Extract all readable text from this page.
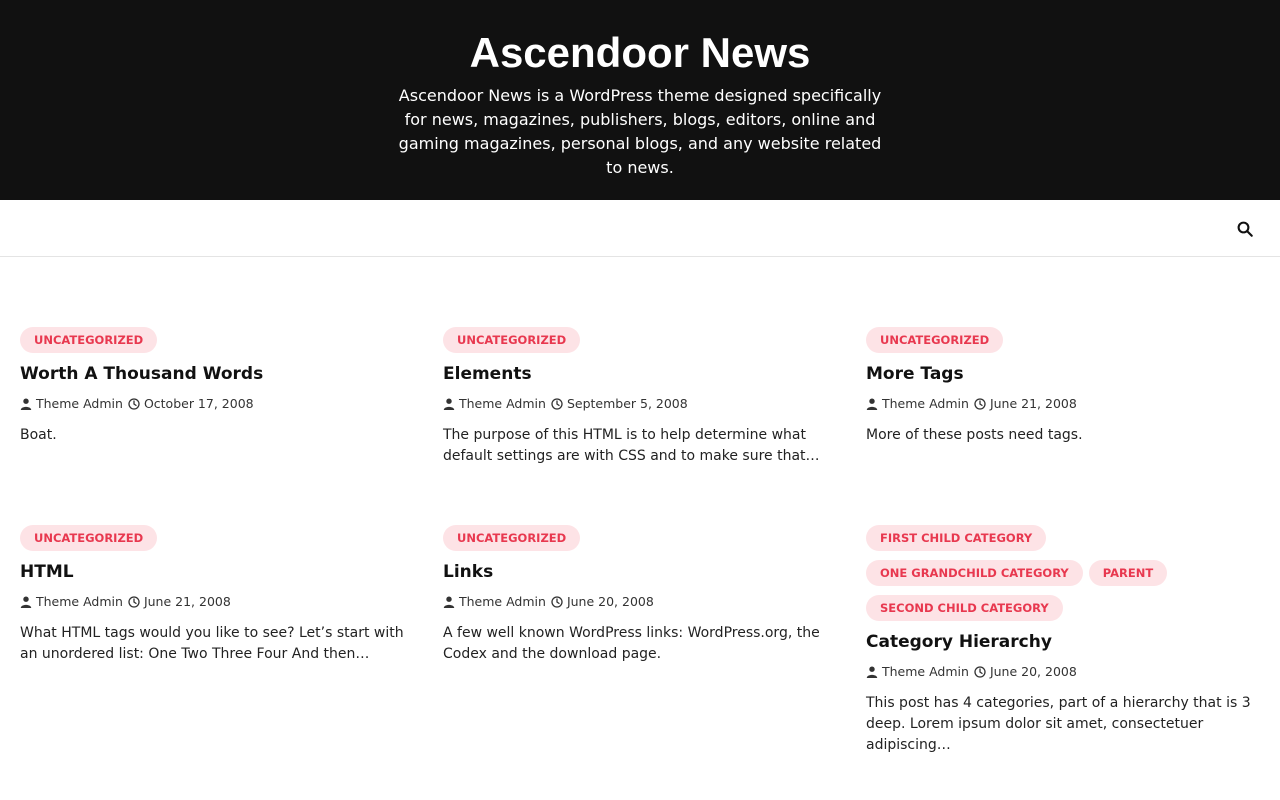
Ascendoor News

Ascendoor News is a WordPress theme designed specifically for news, magazines, publishers, blogs, editors, online and gaming magazines, personal blogs, and any website related to news.

UNCATEGORIZED
Worth A Thousand Words
Theme Admin October 17, 2008

Boat.

UNCATEGORIZED
Elements
Theme Admin September 5, 2008

The purpose of this HTML is to help determine what default settings are with CSS and to make sure that…

UNCATEGORIZED
More Tags
Theme Admin June 21, 2008

More of these posts need tags.

UNCATEGORIZED
HTML
Theme Admin June 21, 2008

What HTML tags would you like to see? Let’s start with an unordered list: One Two Three Four And then…

UNCATEGORIZED
Links
Theme Admin June 20, 2008

A few well known WordPress links: WordPress.org, the Codex and the download page.

FIRST CHILD CATEGORY
ONE GRANDCHILD CATEGORY	PARENT
SECOND CHILD CATEGORY
Category Hierarchy
Theme Admin June 20, 2008

This post has 4 categories, part of a hierarchy that is 3 deep. Lorem ipsum dolor sit amet, consectetuer adipiscing…
